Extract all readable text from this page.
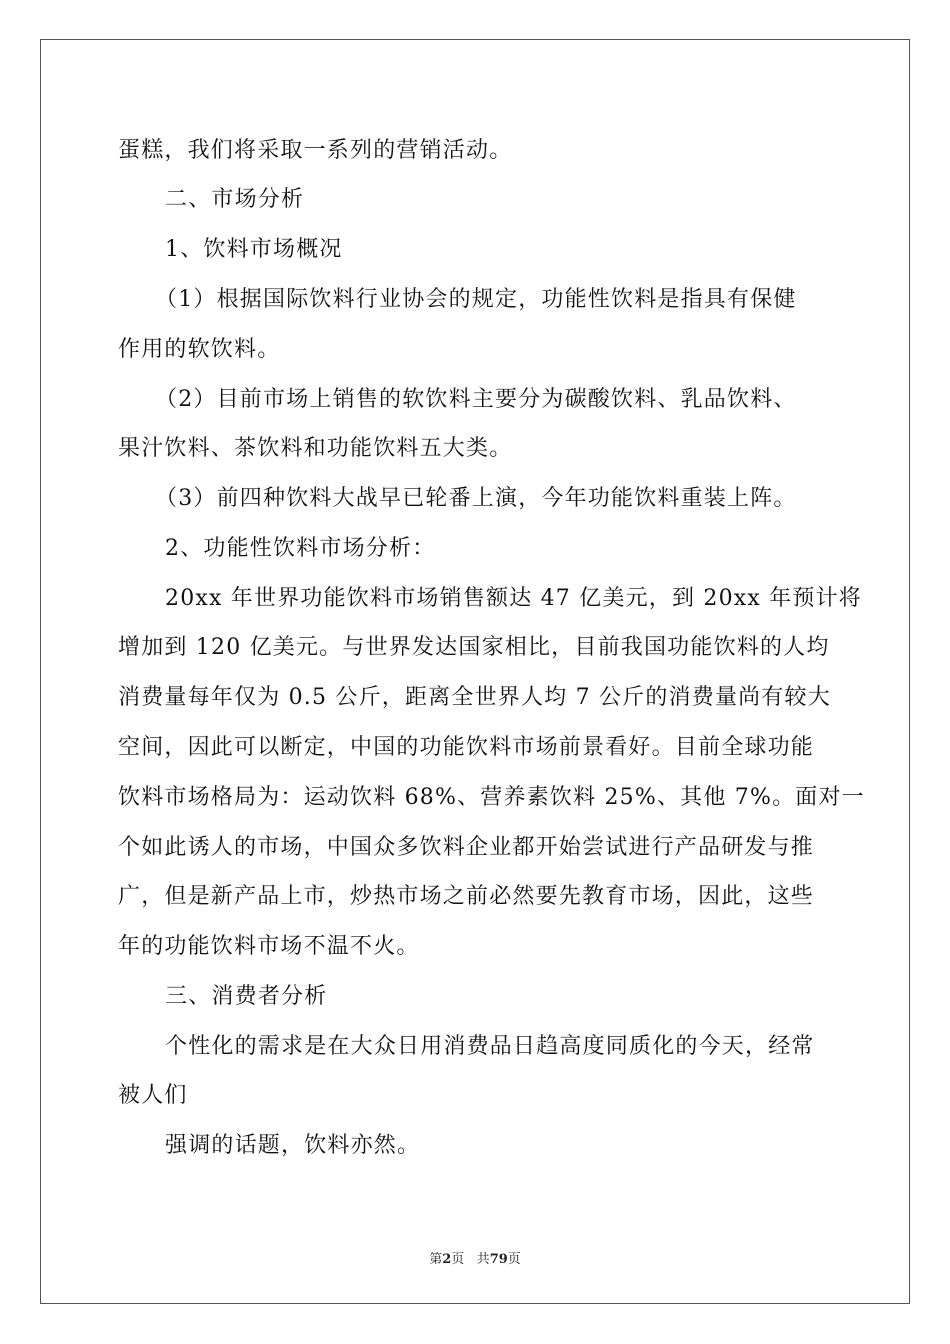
蛋糕，我们将采取一系列的营销活动。
二、市场分析
1、饮料市场概况
（1）根据国际饮料行业协会的规定，功能性饮料是指具有保健
作用的软饮料。
（2）目前市场上销售的软饮料主要分为碳酸饮料、乳品饮料、
果汁饮料、茶饮料和功能饮料五大类。
（3）前四种饮料大战早已轮番上演，今年功能饮料重装上阵。
2、功能性饮料市场分析：
20xx 年世界功能饮料市场销售额达 47 亿美元，到 20xx 年预计将
增加到 120 亿美元。与世界发达国家相比，目前我国功能饮料的人均
消费量每年仅为 0.5 公斤，距离全世界人均 7 公斤的消费量尚有较大
空间，因此可以断定，中国的功能饮料市场前景看好。目前全球功能
饮料市场格局为：运动饮料 68%、营养素饮料 25%、其他 7%。面对一
个如此诱人的市场，中国众多饮料企业都开始尝试进行产品研发与推
广，但是新产品上市，炒热市场之前必然要先教育市场，因此，这些
年的功能饮料市场不温不火。
三、消费者分析
个性化的需求是在大众日用消费品日趋高度同质化的今天，经常
被人们
强调的话题，饮料亦然。
第2页 共79页
